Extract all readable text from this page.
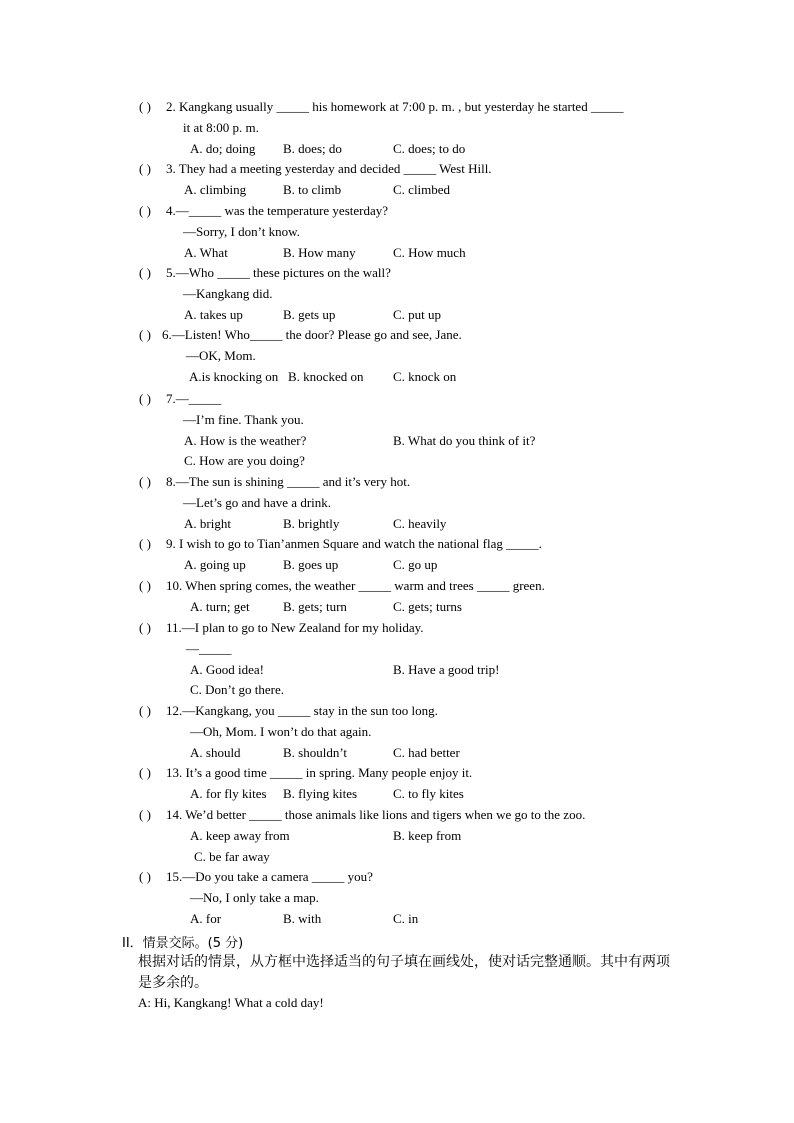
( ) 2. Kangkang usually _____ his homework at 7:00 p. m. , but yesterday he started _____
it at 8:00 p. m.
A. do; doing B. does; do	C. does; to do
( ) 3. They had a meeting yesterday and decided _____ West Hill.
A. climbing	B. to climb	C. climbed
( ) 4.—_____ was the temperature yesterday?
—Sorry, I don’t know.
A. What	B. How many	C. How much
( ) 5.—Who _____ these pictures on the wall?
—Kangkang did.
A. takes up	B. gets up	C. put up
( ) 6.—Listen! Who_____ the door? Please go and see, Jane.
—OK, Mom.
A.is knocking on B. knocked on C. knock on
( ) 7.—_____
—I’m fine. Thank you.
A. How is the weather?	B. What do you think of it?
C. How are you doing?
( ) 8.—The sun is shining _____ and it’s very hot.
—Let’s go and have a drink.
A. bright	B. brightly	C. heavily
( ) 9. I wish to go to Tian’anmen Square and watch the national flag _____.
A. going up	B. goes up	C. go up
( ) 10. When spring comes, the weather _____ warm and trees _____ green.
A. turn; get	B. gets; turn	C. gets; turns
( ) 11.—I plan to go to New Zealand for my holiday.
—_____
A. Good idea!	B. Have a good trip!
C. Don’t go there.
( ) 12.—Kangkang, you _____ stay in the sun too long.
—Oh, Mom. I won’t do that again.
A. should	B. shouldn’t	C. had better
( ) 13. It’s a good time _____ in spring. Many people enjoy it.
A. for fly kites B. flying kites	C. to fly kites
( ) 14. We’d better _____ those animals like lions and tigers when we go to the zoo.
A. keep away from	B. keep from
C. be far away
( ) 15.—Do you take a camera _____ you?
—No, I only take a map.
A. for	B. with	C. in
II．情景交际。(5 分)
根据对话的情景，从方框中选择适当的句子填在画线处，使对话完整通顺。其中有两项
是多余的。
A: Hi, Kangkang! What a cold day!
